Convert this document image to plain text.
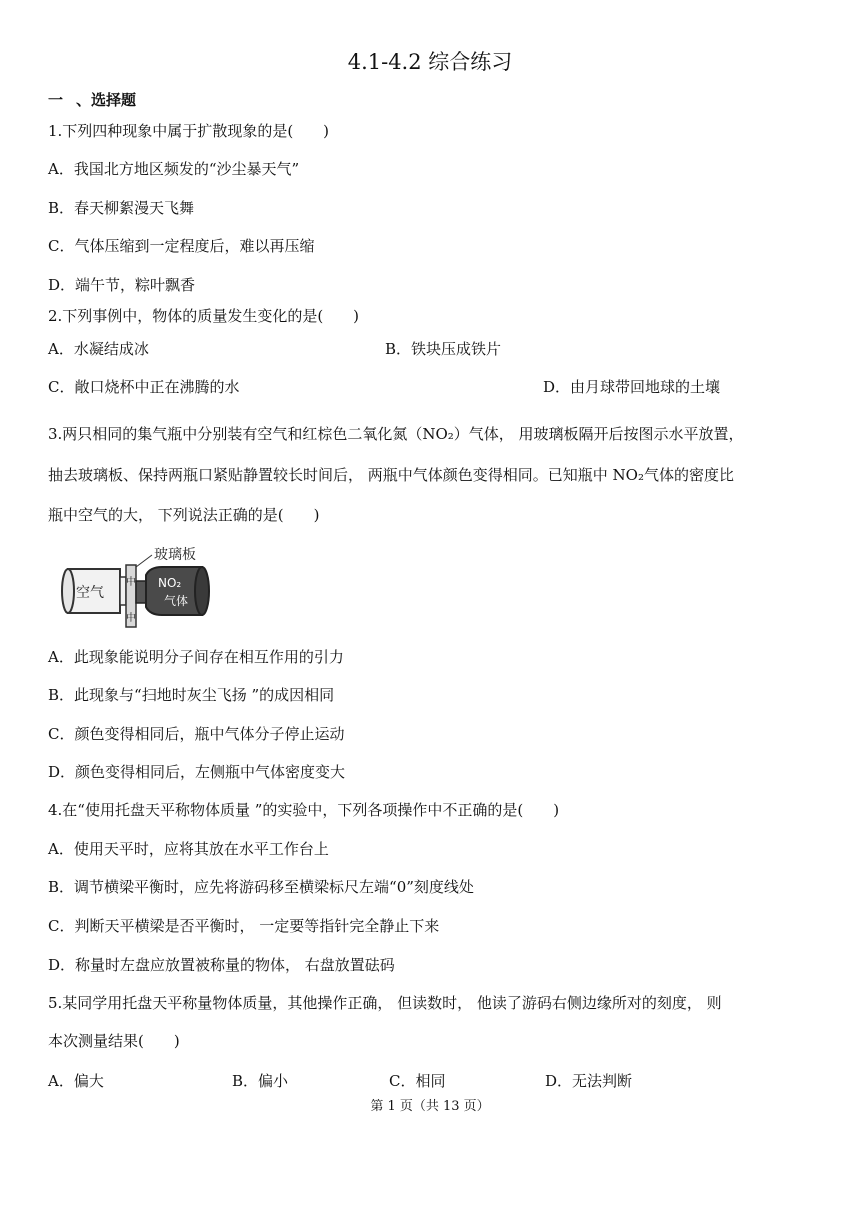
4.1-4.2 综合练习
一 、选择题
1.下列四种现象中属于扩散现象的是(　　)
A．我国北方地区频发的“沙尘暴天气”
B．春天柳絮漫天飞舞
C．气体压缩到一定程度后，难以再压缩
D．端午节，粽叶飘香
2.下列事例中，物体的质量发生变化的是(　　)
A．水凝结成冰	B．铁块压成铁片
C．敞口烧杯中正在沸腾的水	D．由月球带回地球的土壤
3.两只相同的集气瓶中分别装有空气和红棕色二氧化氮（NO₂）气体， 用玻璃板隔开后按图示水平放置，
抽去玻璃板、保持两瓶口紧贴静置较长时间后， 两瓶中气体颜色变得相同。已知瓶中 NO₂气体的密度比
瓶中空气的大， 下列说法正确的是(　　)
空气
中
中
NO₂
气体
玻璃板
A．此现象能说明分子间存在相互作用的引力
B．此现象与“扫地时灰尘飞扬 ”的成因相同
C．颜色变得相同后，瓶中气体分子停止运动
D．颜色变得相同后，左侧瓶中气体密度变大
4.在“使用托盘天平称物体质量 ”的实验中，下列各项操作中不正确的是(　　)
A．使用天平时，应将其放在水平工作台上
B．调节横梁平衡时，应先将游码移至横梁标尺左端“0”刻度线处
C．判断天平横梁是否平衡时， 一定要等指针完全静止下来
D．称量时左盘应放置被称量的物体， 右盘放置砝码
5.某同学用托盘天平称量物体质量，其他操作正确， 但读数时， 他读了游码右侧边缘所对的刻度， 则
本次测量结果(　　)
A．偏大	B．偏小	C．相同	D．无法判断
第 1 页（共 13 页）
